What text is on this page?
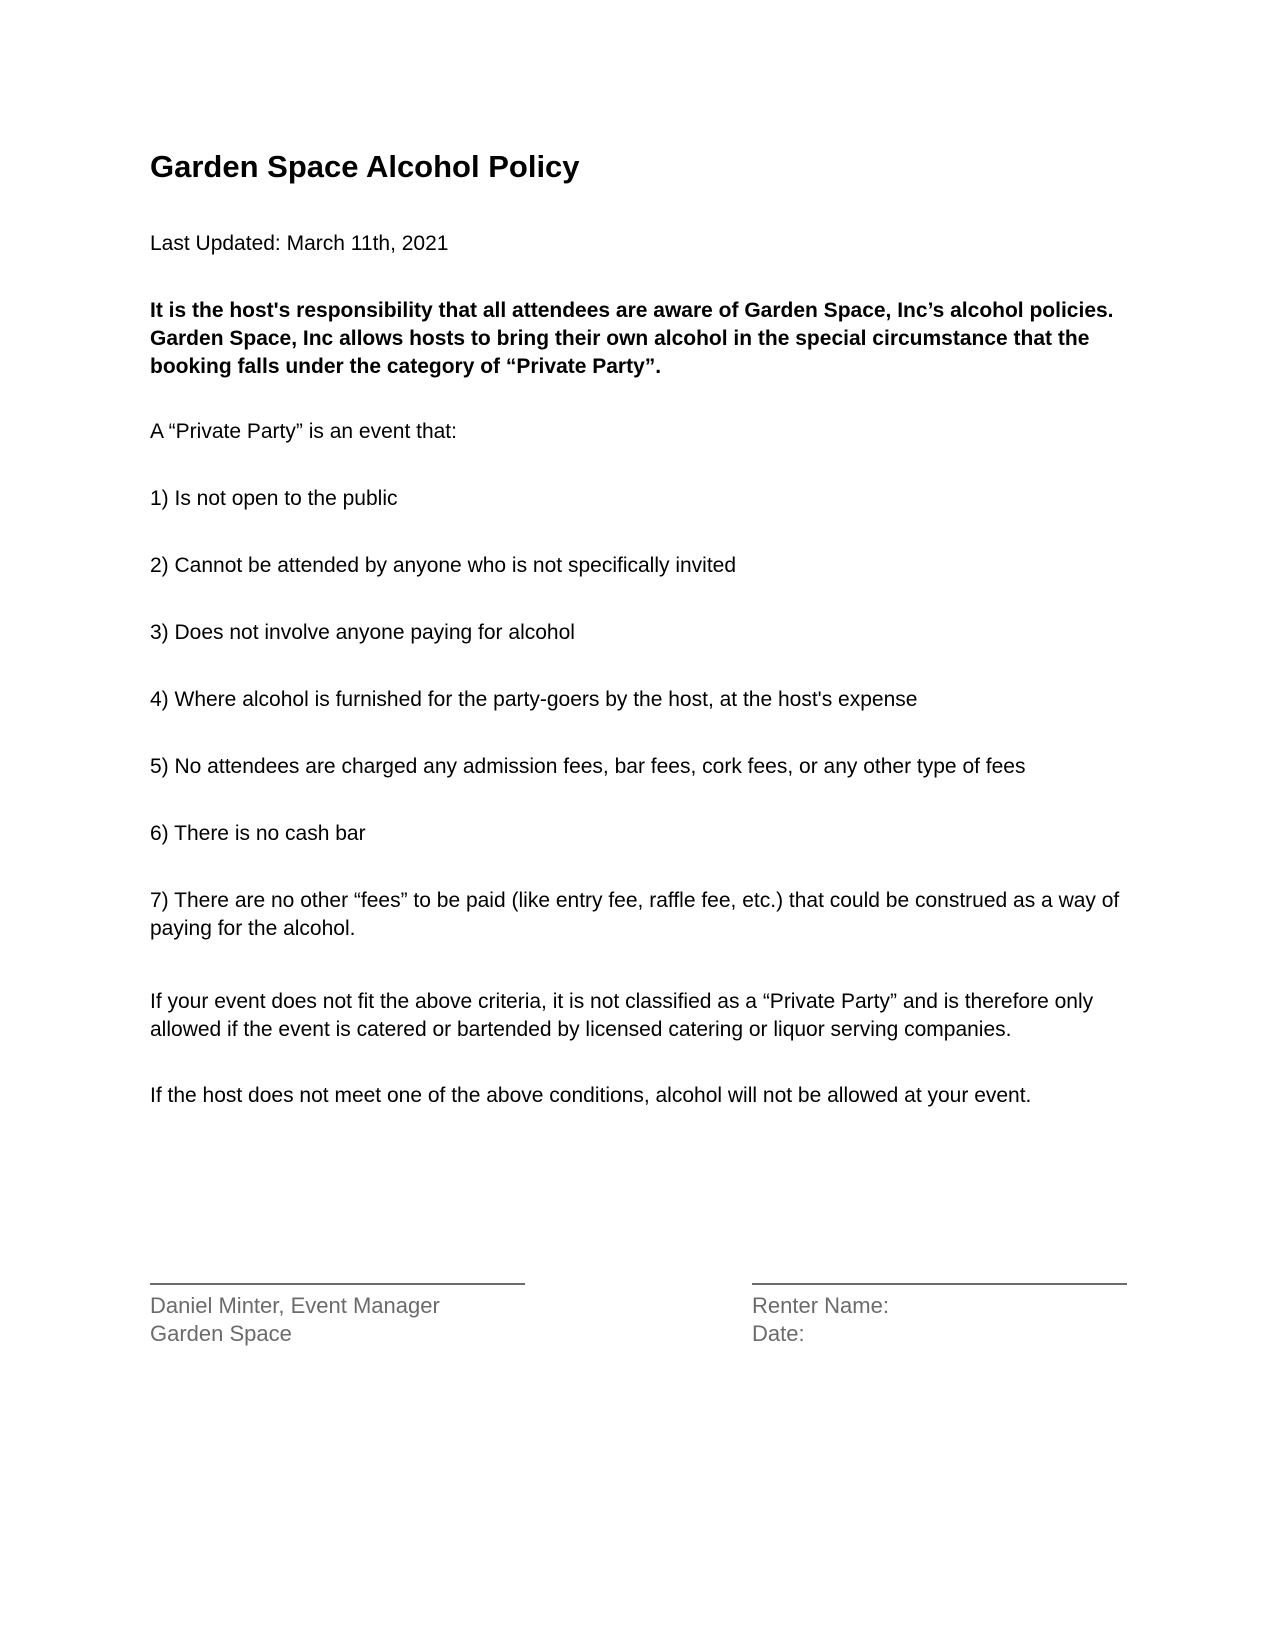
Garden Space Alcohol Policy
Last Updated: March 11th, 2021

It is the host's responsibility that all attendees are aware of Garden Space, Inc’s alcohol policies. Garden Space, Inc allows hosts to bring their own alcohol in the special circumstance that the booking falls under the category of “Private Party”.

A “Private Party” is an event that:
1) Is not open to the public
2) Cannot be attended by anyone who is not specifically invited
3) Does not involve anyone paying for alcohol
4) Where alcohol is furnished for the party-goers by the host, at the host's expense
5) No attendees are charged any admission fees, bar fees, cork fees, or any other type of fees
6) There is no cash bar
7) There are no other “fees” to be paid (like entry fee, raffle fee, etc.) that could be construed as a way of paying for the alcohol.

If your event does not fit the above criteria, it is not classified as a “Private Party” and is therefore only allowed if the event is catered or bartended by licensed catering or liquor serving companies.

If the host does not meet one of the above conditions, alcohol will not be allowed at your event.

Daniel Minter, Event Manager
Garden Space
Renter Name:
Date:
